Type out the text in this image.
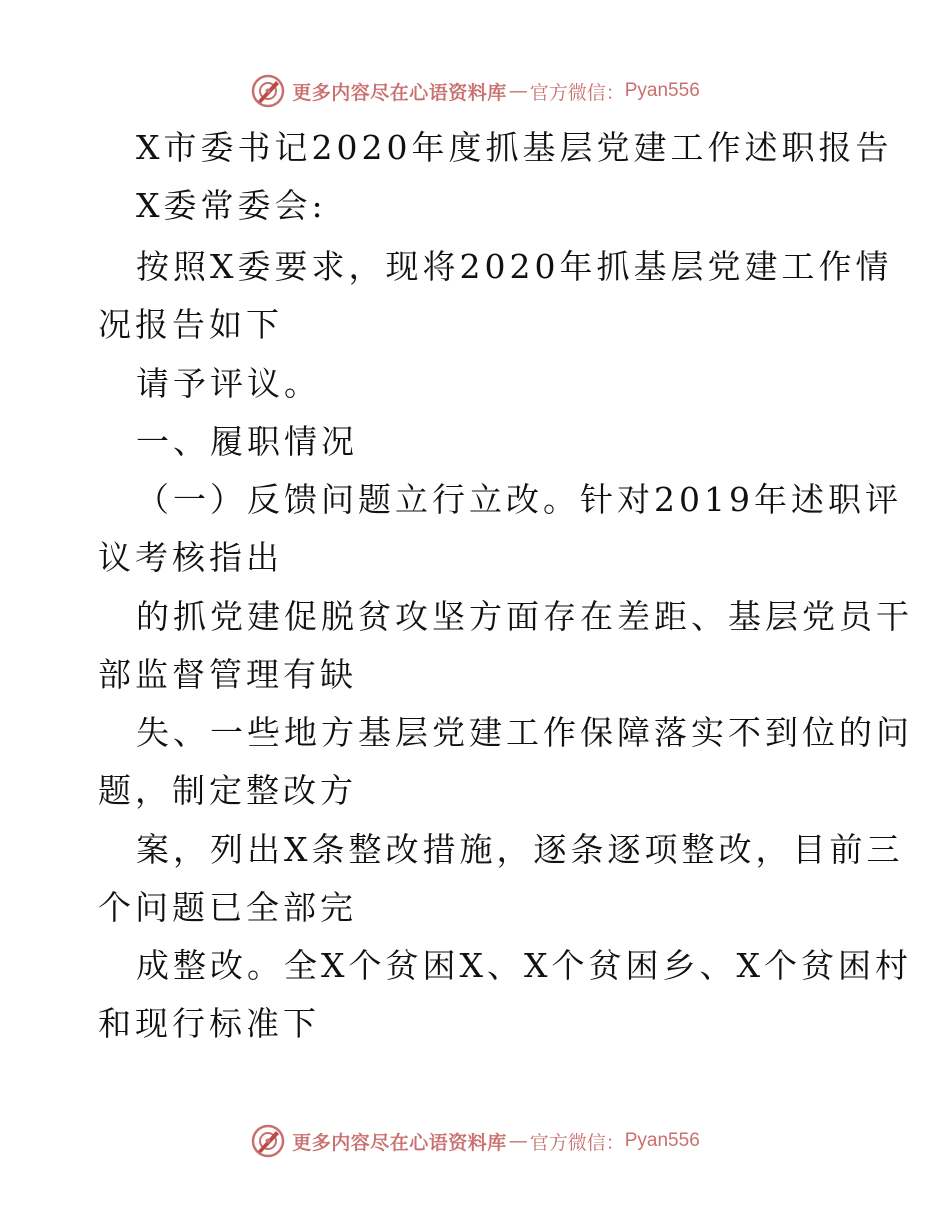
更多内容尽在心语资料库 — 官方微信： Pyan556
X市委书记2020年度抓基层党建工作述职报告
X委常委会:
按照X委要求，现将2020年抓基层党建工作情
况报告如下
请予评议。
一、履职情况
（一）反馈问题立行立改。针对2019年述职评
议考核指出
的抓党建促脱贫攻坚方面存在差距、基层党员干
部监督管理有缺
失、一些地方基层党建工作保障落实不到位的问
题，制定整改方
案，列出X条整改措施，逐条逐项整改，目前三
个问题已全部完
成整改。全X个贫困X、X个贫困乡、X个贫困村
和现行标准下
更多内容尽在心语资料库 — 官方微信： Pyan556
